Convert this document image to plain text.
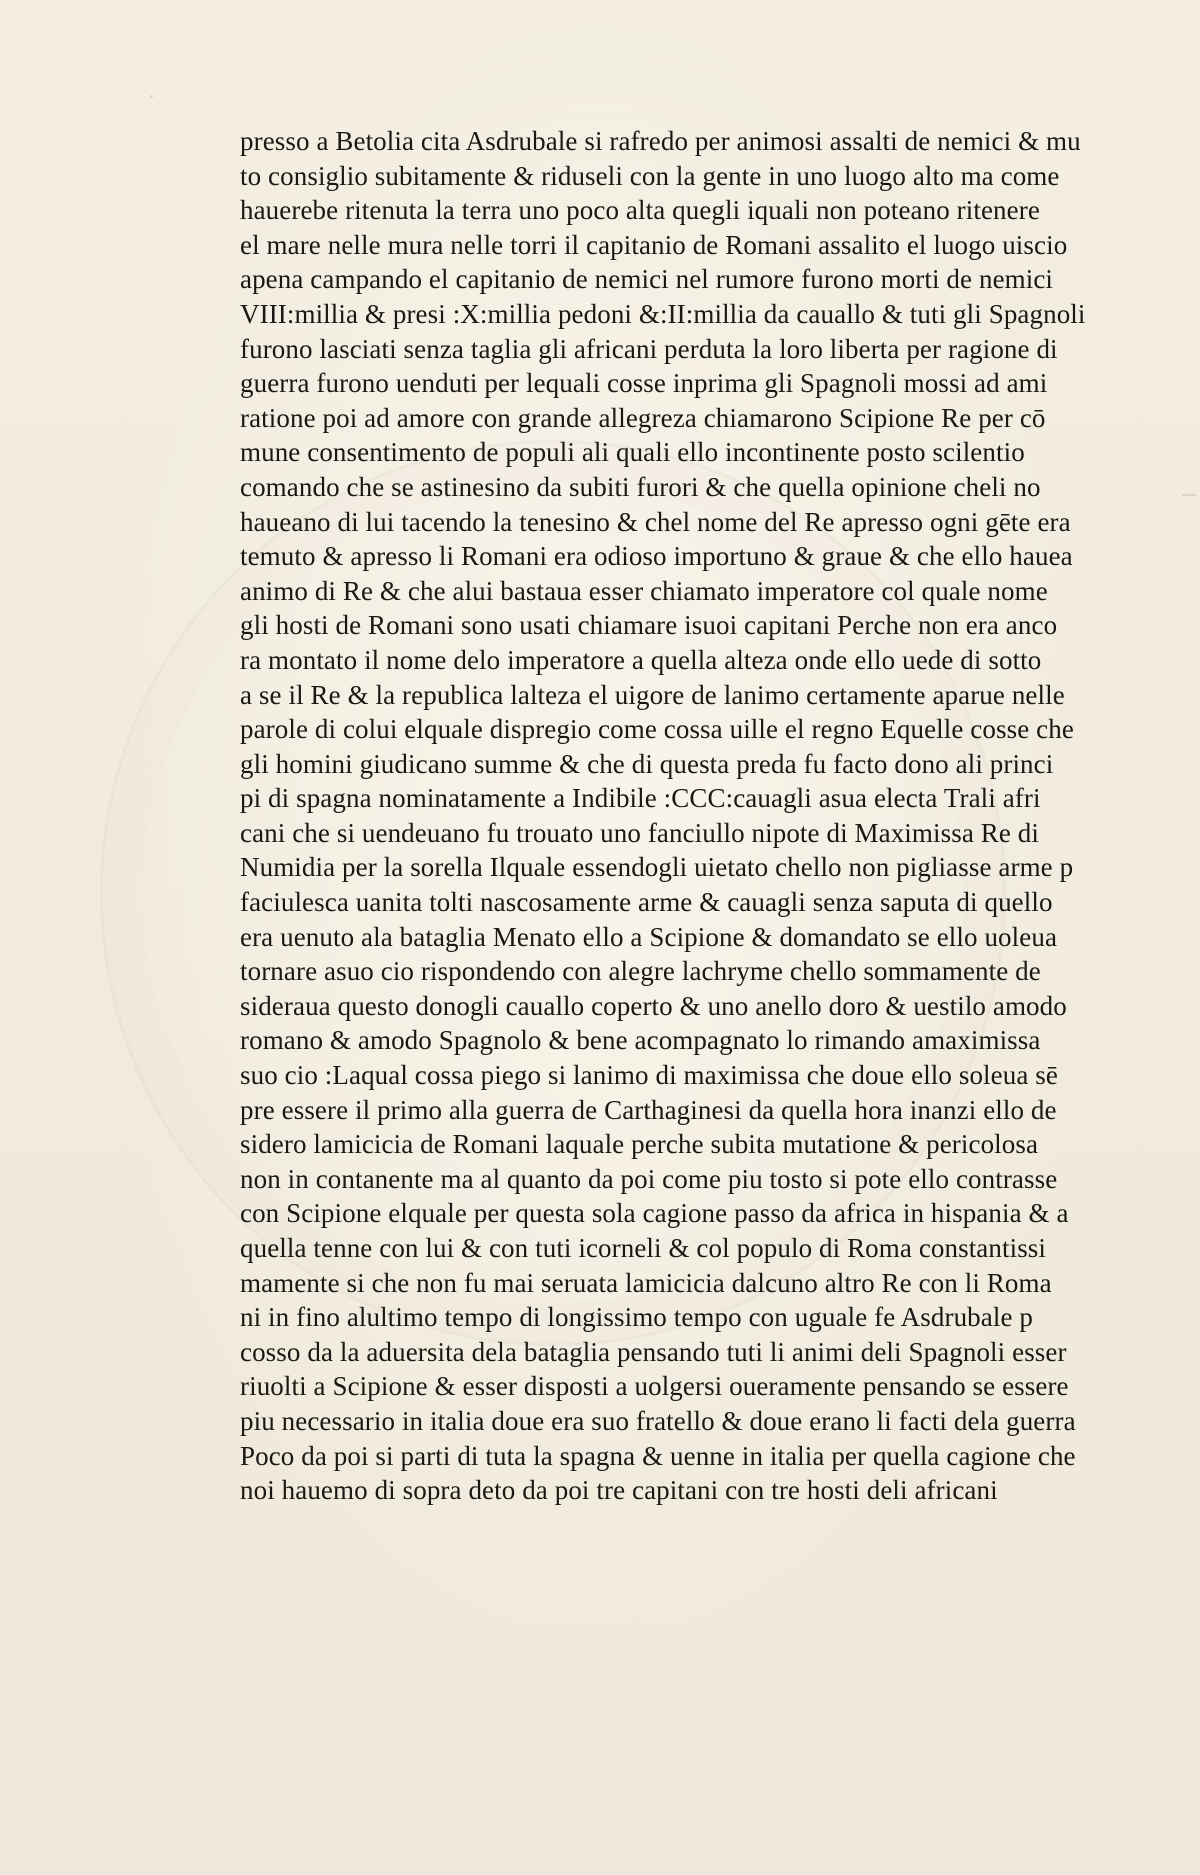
presso a Betolia cita Asdrubale si rafredo per animosi assalti de nemici & mu
to consiglio subitamente & riduseli con la gente in uno luogo alto ma come
hauerebe ritenuta la terra uno poco alta quegli iquali non poteano ritenere
el mare nelle mura nelle torri il capitanio de Romani assalito el luogo uiscio
apena campando el capitanio de nemici nel rumore furono morti de nemici
VIII:millia & presi :X:millia pedoni &:II:millia da cauallo & tuti gli Spagnoli
furono lasciati senza taglia gli africani perduta la loro liberta per ragione di
guerra furono uenduti per lequali cosse inprima gli Spagnoli mossi ad ami
ratione poi ad amore con grande allegreza chiamarono Scipione Re per cō
mune consentimento de populi ali quali ello incontinente posto scilentio
comando che se astinesino da subiti furori & che quella opinione cheli no
haueano di lui tacendo la tenesino & chel nome del Re apresso ogni gēte era
temuto & apresso li Romani era odioso importuno & graue & che ello hauea
animo di Re & che alui bastaua esser chiamato imperatore col quale nome
gli hosti de Romani sono usati chiamare isuoi capitani Perche non era anco
ra montato il nome delo imperatore a quella alteza onde ello uede di sotto
a se il Re & la republica lalteza el uigore de lanimo certamente aparue nelle
parole di colui elquale dispregio come cossa uille el regno Equelle cosse che
gli homini giudicano summe & che di questa preda fu facto dono ali princi
pi di spagna nominatamente a Indibile :CCC:cauagli asua electa Trali afri
cani che si uendeuano fu trouato uno fanciullo nipote di Maximissa Re di
Numidia per la sorella Ilquale essendogli uietato chello non pigliasse arme p
faciulesca uanita tolti nascosamente arme & cauagli senza saputa di quello
era uenuto ala bataglia Menato ello a Scipione & domandato se ello uoleua
tornare asuo cio rispondendo con alegre lachryme chello sommamente de
sideraua questo donogli cauallo coperto & uno anello doro & uestilo amodo
romano & amodo Spagnolo & bene acompagnato lo rimando amaximissa
suo cio :Laqual cossa piego si lanimo di maximissa che doue ello soleua sē
pre essere il primo alla guerra de Carthaginesi da quella hora inanzi ello de
sidero lamicicia de Romani laquale perche subita mutatione & pericolosa
non in contanente ma al quanto da poi come piu tosto si pote ello contrasse
con Scipione elquale per questa sola cagione passo da africa in hispania & a
quella tenne con lui & con tuti icorneli & col populo di Roma constantissi
mamente si che non fu mai seruata lamicicia dalcuno altro Re con li Roma
ni in fino alultimo tempo di longissimo tempo con uguale fe Asdrubale p
cosso da la aduersita dela bataglia pensando tuti li animi deli Spagnoli esser
riuolti a Scipione & esser disposti a uolgersi oueramente pensando se essere
piu necessario in italia doue era suo fratello & doue erano li facti dela guerra
Poco da poi si parti di tuta la spagna & uenne in italia per quella cagione che
noi hauemo di sopra deto da poi tre capitani con tre hosti deli africani
